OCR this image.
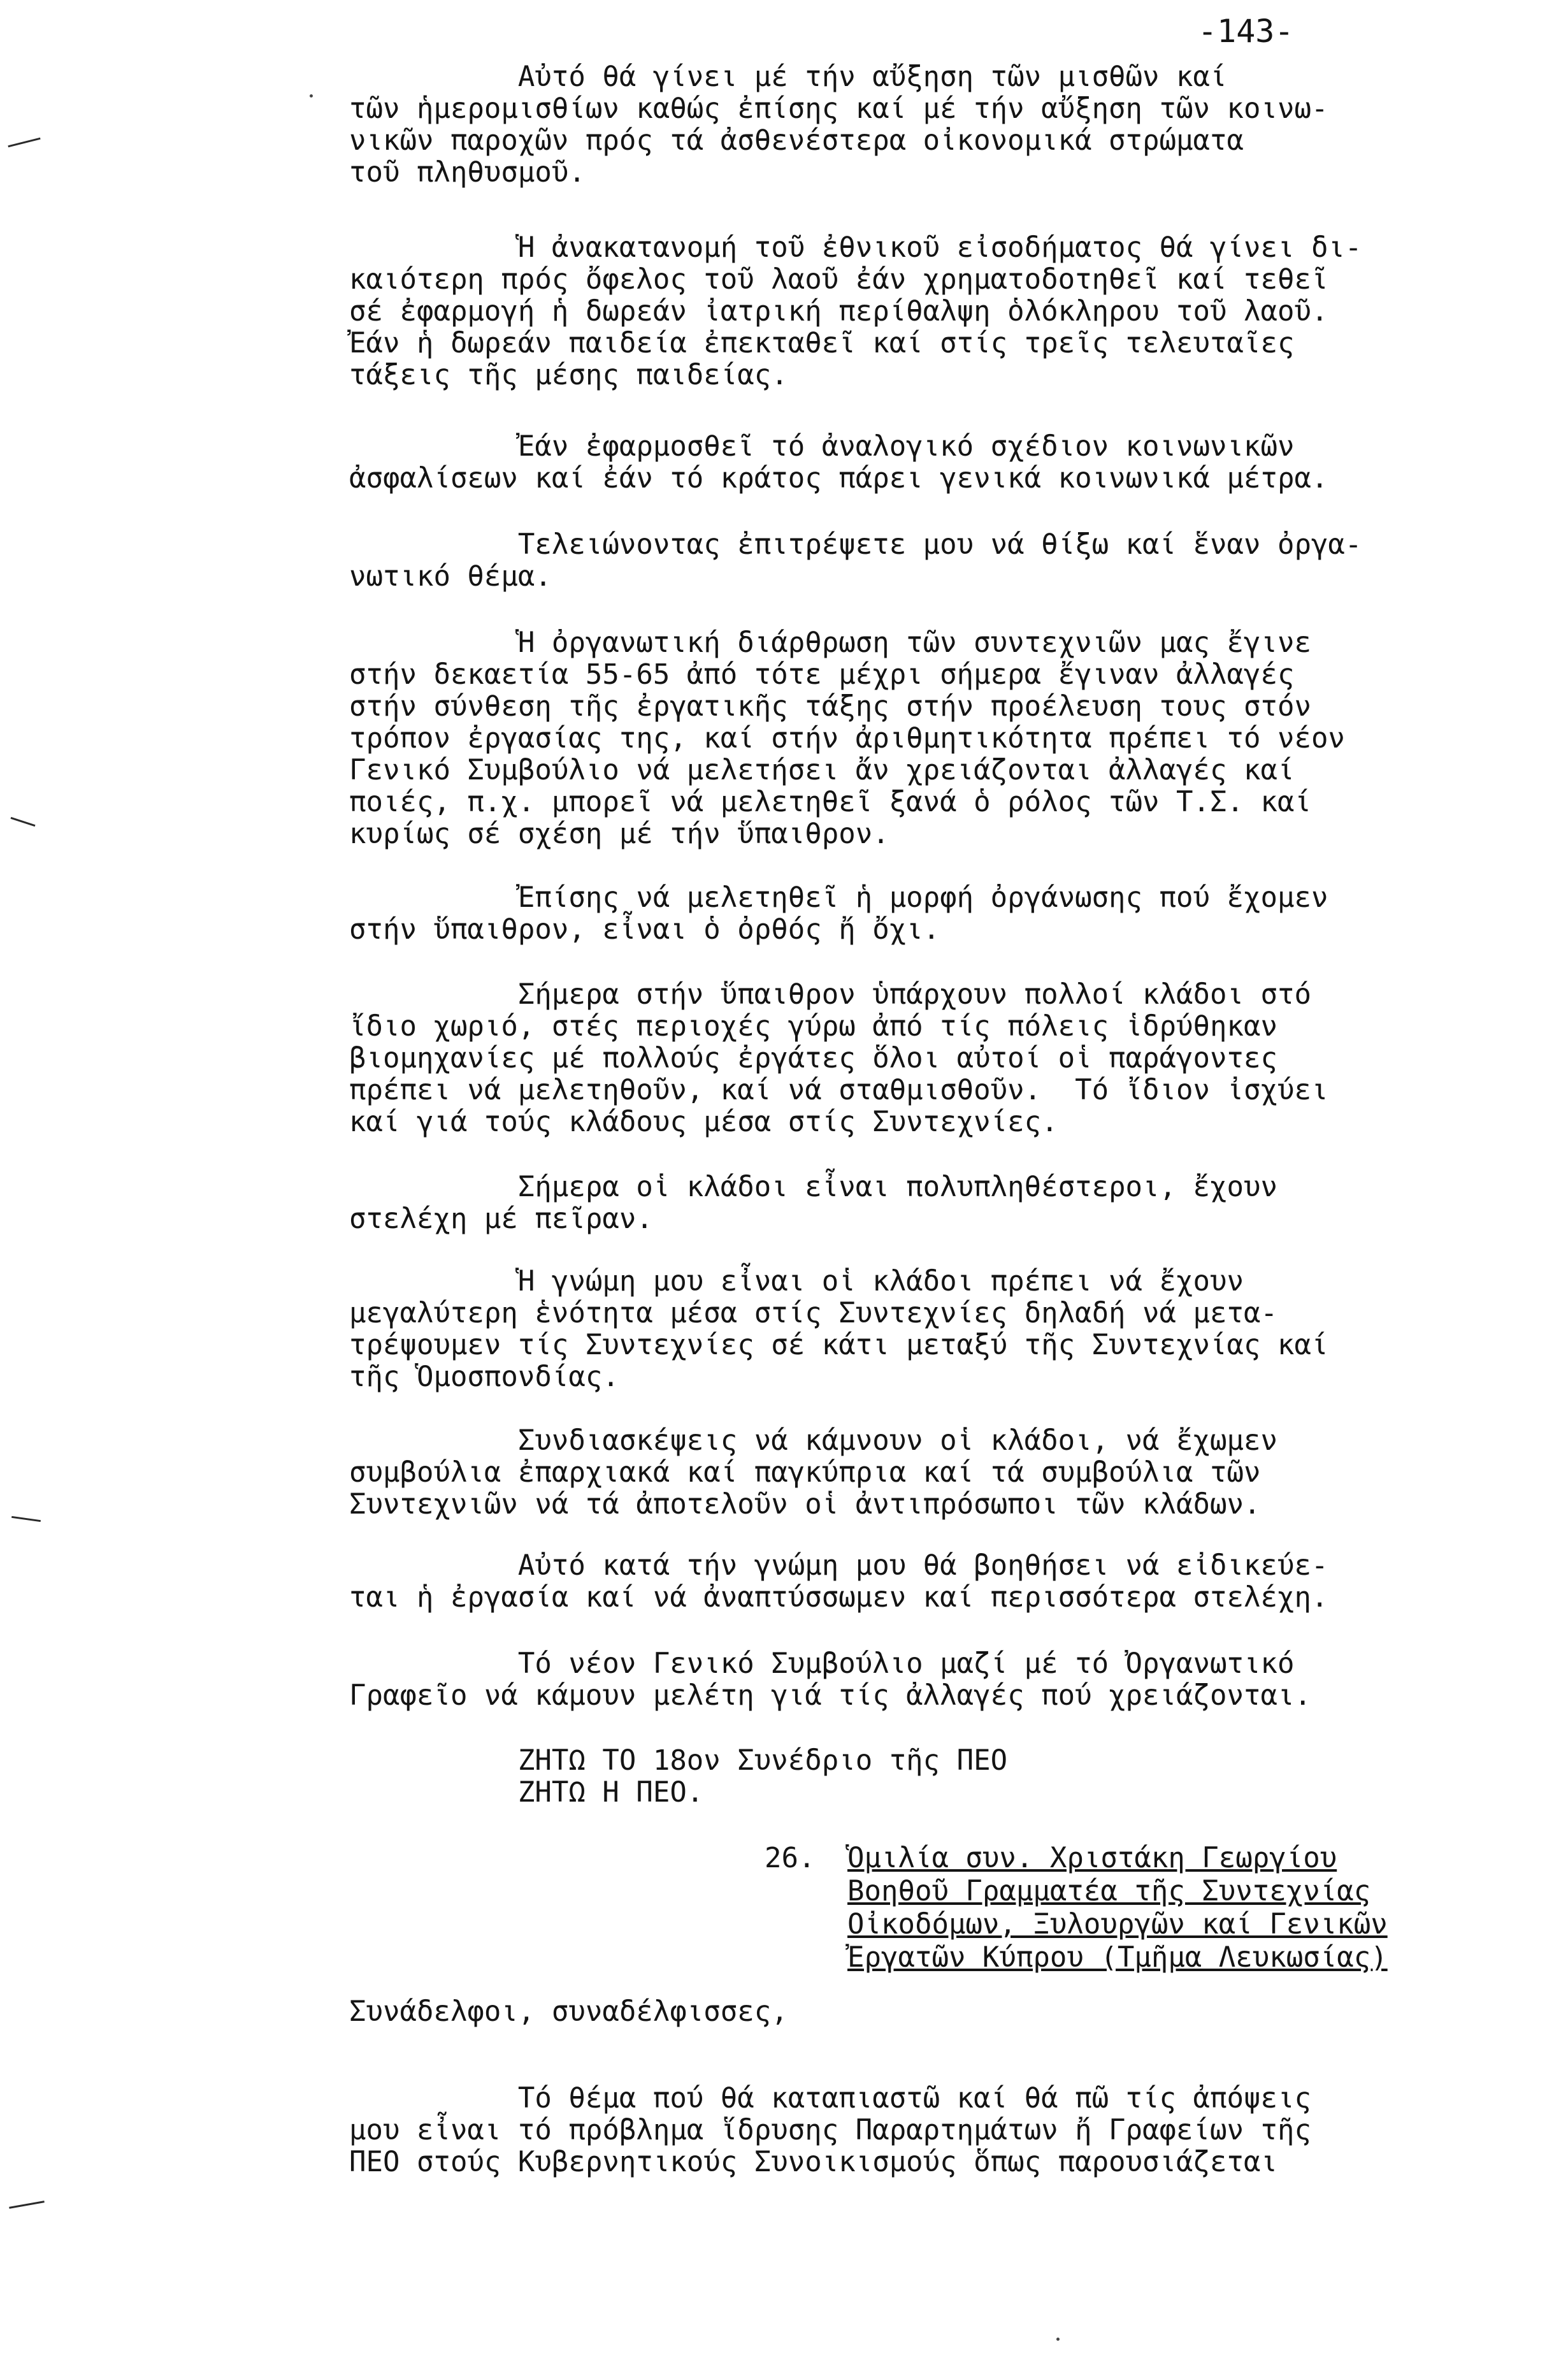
-143-

Αὐτό θά γίνει μέ τήν αὔξηση τῶν μισθῶν καί
τῶν ἡμερομισθίων καθώς ἐπίσης καί μέ τήν αὔξηση τῶν κοινω-
νικῶν παροχῶν πρός τά ἀσθενέστερα οἰκονομικά στρώματα
τοῦ πληθυσμοῦ.

Ἡ ἀνακατανομή τοῦ ἐθνικοῦ εἰσοδήματος θά γίνει δι-
καιότερη πρός ὄφελος τοῦ λαοῦ ἐάν χρηματοδοτηθεῖ καί τεθεῖ
σέ ἐφαρμογή ἡ δωρεάν ἰατρική περίθαλψη ὁλόκληρου τοῦ λαοῦ.
Ἐάν ἡ δωρεάν παιδεία ἐπεκταθεῖ καί στίς τρεῖς τελευταῖες
τάξεις τῆς μέσης παιδείας.

Ἐάν ἐφαρμοσθεῖ τό ἀναλογικό σχέδιον κοινωνικῶν
ἀσφαλίσεων καί ἐάν τό κράτος πάρει γενικά κοινωνικά μέτρα.

Τελειώνοντας ἐπιτρέψετε μου νά θίξω καί ἕναν ὀργα-
νωτικό θέμα.

Ἡ ὀργανωτική διάρθρωση τῶν συντεχνιῶν μας ἔγινε
στήν δεκαετία 55-65 ἀπό τότε μέχρι σήμερα ἔγιναν ἀλλαγές
στήν σύνθεση τῆς ἐργατικῆς τάξης στήν προέλευση τους στόν
τρόπον ἐργασίας της, καί στήν ἀριθμητικότητα πρέπει τό νέον
Γενικό Συμβούλιο νά μελετήσει ἄν χρειάζονται ἀλλαγές καί
ποιές, π.χ. μπορεῖ νά μελετηθεῖ ξανά ὁ ρόλος τῶν Τ.Σ. καί
κυρίως σέ σχέση μέ τήν ὕπαιθρον.

Ἐπίσης νά μελετηθεῖ ἡ μορφή ὀργάνωσης πού ἔχομεν
στήν ὕπαιθρον, εἶναι ὁ ὀρθός ἤ ὄχι.

Σήμερα στήν ὕπαιθρον ὑπάρχουν πολλοί κλάδοι στό
ἴδιο χωριό, στές περιοχές γύρω ἀπό τίς πόλεις ἱδρύθηκαν
βιομηχανίες μέ πολλούς ἐργάτες ὅλοι αὐτοί οἱ παράγοντες
πρέπει νά μελετηθοῦν, καί νά σταθμισθοῦν.  Τό ἴδιον ἰσχύει
καί γιά τούς κλάδους μέσα στίς Συντεχνίες.

Σήμερα οἱ κλάδοι εἶναι πολυπληθέστεροι, ἔχουν
στελέχη μέ πεῖραν.

Ἡ γνώμη μου εἶναι οἱ κλάδοι πρέπει νά ἔχουν
μεγαλύτερη ἑνότητα μέσα στίς Συντεχνίες δηλαδή νά μετα-
τρέψουμεν τίς Συντεχνίες σέ κάτι μεταξύ τῆς Συντεχνίας καί
τῆς Ὁμοσπονδίας.

Συνδιασκέψεις νά κάμνουν οἱ κλάδοι, νά ἔχωμεν
συμβούλια ἐπαρχιακά καί παγκύπρια καί τά συμβούλια τῶν
Συντεχνιῶν νά τά ἀποτελοῦν οἱ ἀντιπρόσωποι τῶν κλάδων.

Αὐτό κατά τήν γνώμη μου θά βοηθήσει νά εἰδικεύε-
ται ἡ ἐργασία καί νά ἀναπτύσσωμεν καί περισσότερα στελέχη.

Τό νέον Γενικό Συμβούλιο μαζί μέ τό Ὀργανωτικό
Γραφεῖο νά κάμουν μελέτη γιά τίς ἀλλαγές πού χρειάζονται.

ΖΗΤΩ ΤΟ 18ον Συνέδριο τῆς ΠΕΟ
ΖΗΤΩ Η ΠΕΟ.

26. Ὁμιλία συν. Χριστάκη Γεωργίου
Βοηθοῦ Γραμματέα τῆς Συντεχνίας
Οἰκοδόμων, Ξυλουργῶν καί Γενικῶν
Ἐργατῶν Κύπρου (Τμῆμα Λευκωσίας)

Συνάδελφοι, συναδέλφισσες,

Τό θέμα πού θά καταπιαστῶ καί θά πῶ τίς ἀπόψεις
μου εἶναι τό πρόβλημα ἵδρυσης Παραρτημάτων ἤ Γραφείων τῆς
ΠΕΟ στούς Κυβερνητικούς Συνοικισμούς ὅπως παρουσιάζεται
